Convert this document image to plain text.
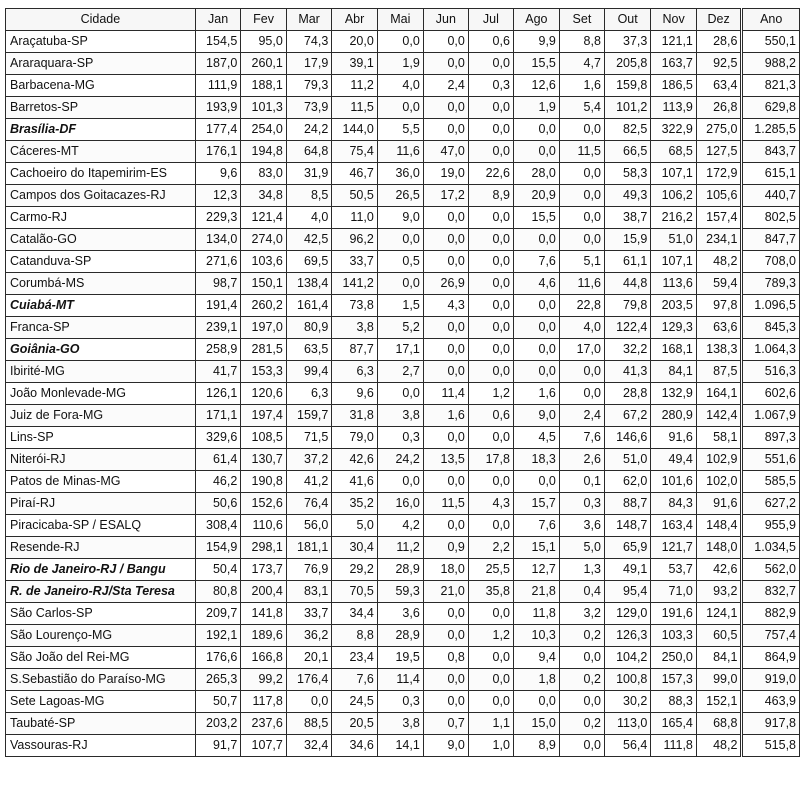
Cidade	Jan	Fev	Mar	Abr	Mai	Jun	Jul	Ago	Set	Out	Nov	Dez	Ano
Araçatuba-SP	154,5	95,0	74,3	20,0	0,0	0,0	0,6	9,9	8,8	37,3	121,1	28,6	550,1
Araraquara-SP	187,0	260,1	17,9	39,1	1,9	0,0	0,0	15,5	4,7	205,8	163,7	92,5	988,2
Barbacena-MG	111,9	188,1	79,3	11,2	4,0	2,4	0,3	12,6	1,6	159,8	186,5	63,4	821,3
Barretos-SP	193,9	101,3	73,9	11,5	0,0	0,0	0,0	1,9	5,4	101,2	113,9	26,8	629,8
Brasília-DF	177,4	254,0	24,2	144,0	5,5	0,0	0,0	0,0	0,0	82,5	322,9	275,0	1.285,5
Cáceres-MT	176,1	194,8	64,8	75,4	11,6	47,0	0,0	0,0	11,5	66,5	68,5	127,5	843,7
Cachoeiro do Itapemirim-ES	9,6	83,0	31,9	46,7	36,0	19,0	22,6	28,0	0,0	58,3	107,1	172,9	615,1
Campos dos Goitacazes-RJ	12,3	34,8	8,5	50,5	26,5	17,2	8,9	20,9	0,0	49,3	106,2	105,6	440,7
Carmo-RJ	229,3	121,4	4,0	11,0	9,0	0,0	0,0	15,5	0,0	38,7	216,2	157,4	802,5
Catalão-GO	134,0	274,0	42,5	96,2	0,0	0,0	0,0	0,0	0,0	15,9	51,0	234,1	847,7
Catanduva-SP	271,6	103,6	69,5	33,7	0,5	0,0	0,0	7,6	5,1	61,1	107,1	48,2	708,0
Corumbá-MS	98,7	150,1	138,4	141,2	0,0	26,9	0,0	4,6	11,6	44,8	113,6	59,4	789,3
Cuiabá-MT	191,4	260,2	161,4	73,8	1,5	4,3	0,0	0,0	22,8	79,8	203,5	97,8	1.096,5
Franca-SP	239,1	197,0	80,9	3,8	5,2	0,0	0,0	0,0	4,0	122,4	129,3	63,6	845,3
Goiânia-GO	258,9	281,5	63,5	87,7	17,1	0,0	0,0	0,0	17,0	32,2	168,1	138,3	1.064,3
Ibirité-MG	41,7	153,3	99,4	6,3	2,7	0,0	0,0	0,0	0,0	41,3	84,1	87,5	516,3
João Monlevade-MG	126,1	120,6	6,3	9,6	0,0	11,4	1,2	1,6	0,0	28,8	132,9	164,1	602,6
Juiz de Fora-MG	171,1	197,4	159,7	31,8	3,8	1,6	0,6	9,0	2,4	67,2	280,9	142,4	1.067,9
Lins-SP	329,6	108,5	71,5	79,0	0,3	0,0	0,0	4,5	7,6	146,6	91,6	58,1	897,3
Niterói-RJ	61,4	130,7	37,2	42,6	24,2	13,5	17,8	18,3	2,6	51,0	49,4	102,9	551,6
Patos de Minas-MG	46,2	190,8	41,2	41,6	0,0	0,0	0,0	0,0	0,1	62,0	101,6	102,0	585,5
Piraí-RJ	50,6	152,6	76,4	35,2	16,0	11,5	4,3	15,7	0,3	88,7	84,3	91,6	627,2
Piracicaba-SP / ESALQ	308,4	110,6	56,0	5,0	4,2	0,0	0,0	7,6	3,6	148,7	163,4	148,4	955,9
Resende-RJ	154,9	298,1	181,1	30,4	11,2	0,9	2,2	15,1	5,0	65,9	121,7	148,0	1.034,5
Rio de Janeiro-RJ / Bangu	50,4	173,7	76,9	29,2	28,9	18,0	25,5	12,7	1,3	49,1	53,7	42,6	562,0
R. de Janeiro-RJ/Sta Teresa	80,8	200,4	83,1	70,5	59,3	21,0	35,8	21,8	0,4	95,4	71,0	93,2	832,7
São Carlos-SP	209,7	141,8	33,7	34,4	3,6	0,0	0,0	11,8	3,2	129,0	191,6	124,1	882,9
São Lourenço-MG	192,1	189,6	36,2	8,8	28,9	0,0	1,2	10,3	0,2	126,3	103,3	60,5	757,4
São João del Rei-MG	176,6	166,8	20,1	23,4	19,5	0,8	0,0	9,4	0,0	104,2	250,0	84,1	864,9
S.Sebastião do Paraíso-MG	265,3	99,2	176,4	7,6	11,4	0,0	0,0	1,8	0,2	100,8	157,3	99,0	919,0
Sete Lagoas-MG	50,7	117,8	0,0	24,5	0,3	0,0	0,0	0,0	0,0	30,2	88,3	152,1	463,9
Taubaté-SP	203,2	237,6	88,5	20,5	3,8	0,7	1,1	15,0	0,2	113,0	165,4	68,8	917,8
Vassouras-RJ	91,7	107,7	32,4	34,6	14,1	9,0	1,0	8,9	0,0	56,4	111,8	48,2	515,8
